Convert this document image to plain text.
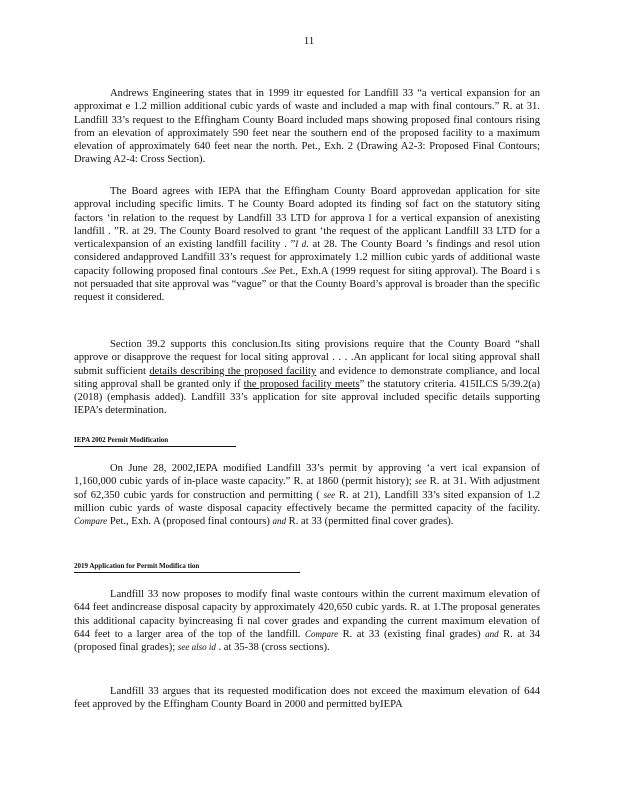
11

Andrews Engineering states that in 1999 itr equested for Landfill 33 “a vertical expansion for an approximat e 1.2 million additional cubic yards of waste and included a map with final contours.” R. at 31. Landfill 33’s request to the Effingham County Board included maps showing proposed final contours rising from an elevation of approximately 590 feet near the southern end of the proposed facility to a maximum elevation of approximately 640 feet near the north. Pet., Exh. 2 (Drawing A2-3: Proposed Final Contours; Drawing A2-4: Cross Section).

The Board agrees with IEPA that the Effingham County Board approvedan application for site approval including specific limits. T he County Board adopted its finding sof fact on the statutory siting factors ‘in relation to the request by Landfill 33 LTD for approva l for a vertical expansion of anexisting landfill . ”R. at 29. The County Board resolved to grant ‘the request of the applicant Landfill 33 LTD for a verticalexpansion of an existing landfill facility . ”I d. at 28. The County Board ’s findings and resol ution considered andapproved Landfill 33’s request for approximately 1.2 million cubic yards of additional waste capacity following proposed final contours .See Pet., Exh.A (1999 request for siting approval). The Board i s not persuaded that site approval was “vague” or that the County Board’s approval is broader than the specific request it considered.

Section 39.2 supports this conclusion.Its siting provisions require that the County Board “shall approve or disapprove the request for local siting approval . . . .An applicant for local siting approval shall submit sufficient details describing the proposed facility and evidence to demonstrate compliance, and local siting approval shall be granted only if the proposed facility meets” the statutory criteria. 415ILCS 5/39.2(a) (2018) (emphasis added). Landfill 33’s application for site approval included specific details supporting IEPA’s determination.

IEPA 2002 Permit Modification

On June 28, 2002,IEPA modified Landfill 33’s permit by approving ‘a vert ical expansion of 1,160,000 cubic yards of in-place waste capacity.” R. at 1860 (permit history); see R. at 31. With adjustment sof 62,350 cubic yards for construction and permitting ( see R. at 21), Landfill 33’s sited expansion of 1.2 million cubic yards of waste disposal capacity effectively became the permitted capacity of the facility. Compare Pet., Exh. A (proposed final contours) and R. at 33 (permitted final cover grades).

2019 Application for Permit Modifica tion

Landfill 33 now proposes to modify final waste contours within the current maximum elevation of 644 feet andincrease disposal capacity by approximately 420,650 cubic yards. R. at 1.The proposal generates this additional capacity byincreasing fi nal cover grades and expanding the current maximum elevation of 644 feet to a larger area of the top of the landfill. Compare R. at 33 (existing final grades) and R. at 34 (proposed final grades); see also id . at 35-38 (cross sections).

Landfill 33 argues that its requested modification does not exceed the maximum elevation of 644 feet approved by the Effingham County Board in 2000 and permitted byIEPA
